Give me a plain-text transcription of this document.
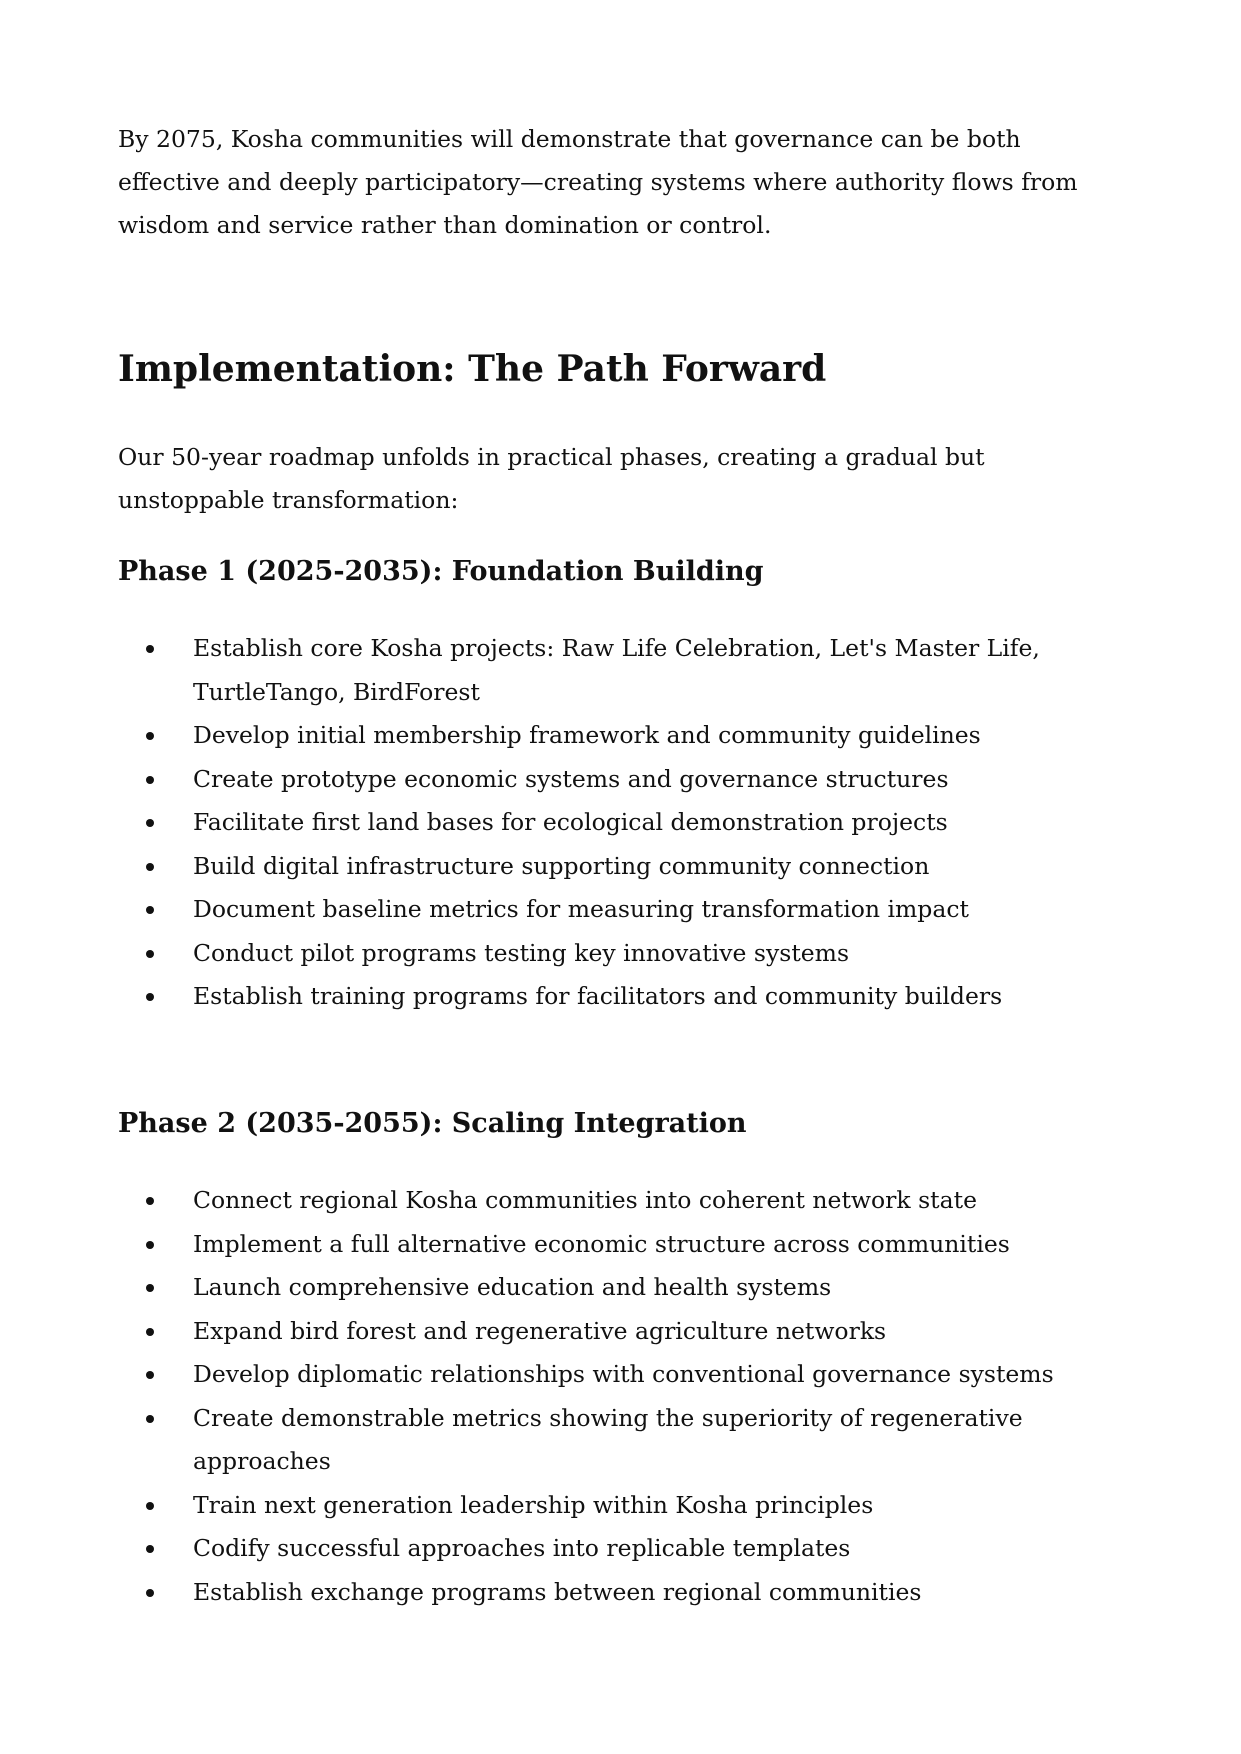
By 2075, Kosha communities will demonstrate that governance can be both effective and deeply participatory—creating systems where authority flows from wisdom and service rather than domination or control.

Implementation: The Path Forward

Our 50-year roadmap unfolds in practical phases, creating a gradual but unstoppable transformation:

Phase 1 (2025-2035): Foundation Building
Establish core Kosha projects: Raw Life Celebration, Let's Master Life, TurtleTango, BirdForest
Develop initial membership framework and community guidelines
Create prototype economic systems and governance structures
Facilitate first land bases for ecological demonstration projects
Build digital infrastructure supporting community connection
Document baseline metrics for measuring transformation impact
Conduct pilot programs testing key innovative systems
Establish training programs for facilitators and community builders
Phase 2 (2035-2055): Scaling Integration
Connect regional Kosha communities into coherent network state
Implement a full alternative economic structure across communities
Launch comprehensive education and health systems
Expand bird forest and regenerative agriculture networks
Develop diplomatic relationships with conventional governance systems
Create demonstrable metrics showing the superiority of regenerative approaches
Train next generation leadership within Kosha principles
Codify successful approaches into replicable templates
Establish exchange programs between regional communities
